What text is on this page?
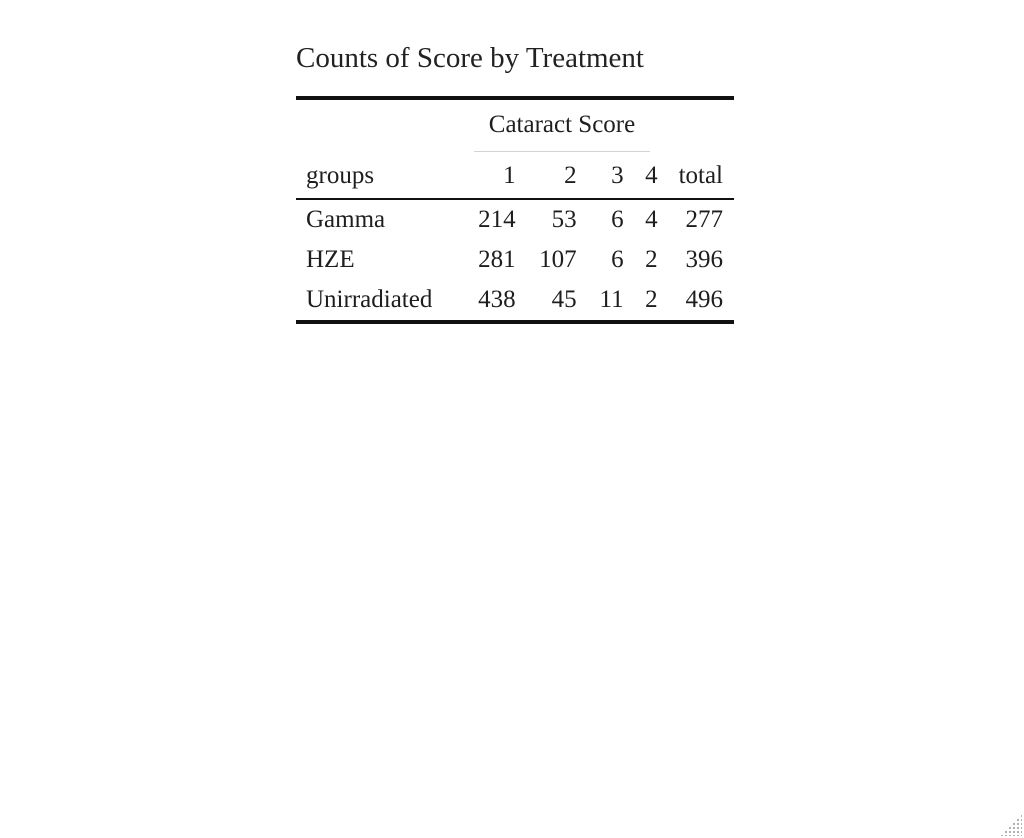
Counts of Score by Treatment

	Cataract Score				

groups	1	2	3	4	total
Gamma	214	53	6	4	277
HZE	281	107	6	2	396
Unirradiated	438	45	11	2	496
